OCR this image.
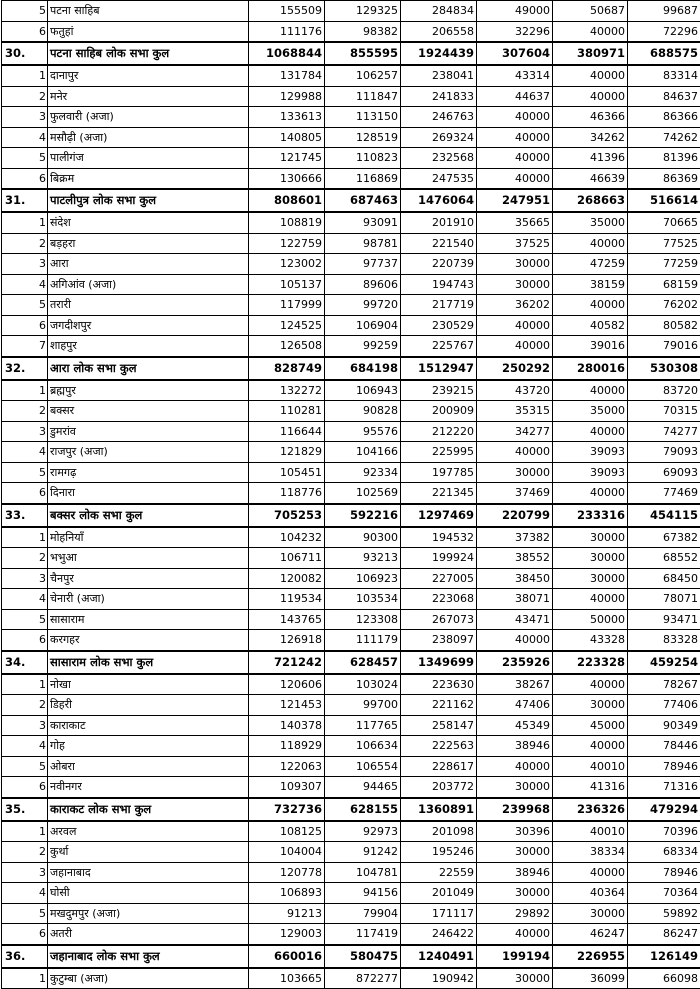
5	पटना साहिब	155509	129325	284834	49000	50687	99687
6	फतुहां	111176	98382	206558	32296	40000	72296
30.	पटना साहिब लोक सभा कुल	1068844	855595	1924439	307604	380971	688575
1	दानापुर	131784	106257	238041	43314	40000	83314
2	मनेर	129988	111847	241833	44637	40000	84637
3	फुलवारी (अजा)	133613	113150	246763	40000	46366	86366
4	मसौढ़ी (अजा)	140805	128519	269324	40000	34262	74262
5	पालीगंज	121745	110823	232568	40000	41396	81396
6	बिक्रम	130666	116869	247535	40000	46639	86369
31.	पाटलीपुत्र लोक सभा कुल	808601	687463	1476064	247951	268663	516614
1	संदेश	108819	93091	201910	35665	35000	70665
2	बड़हरा	122759	98781	221540	37525	40000	77525
3	आरा	123002	97737	220739	30000	47259	77259
4	अगिआंव (अजा)	105137	89606	194743	30000	38159	68159
5	तरारी	117999	99720	217719	36202	40000	76202
6	जगदीशपुर	124525	106904	230529	40000	40582	80582
7	शाहपुर	126508	99259	225767	40000	39016	79016
32.	आरा लोक सभा कुल	828749	684198	1512947	250292	280016	530308
1	ब्रह्मपुर	132272	106943	239215	43720	40000	83720
2	बक्सर	110281	90828	200909	35315	35000	70315
3	डुमरांव	116644	95576	212220	34277	40000	74277
4	राजपुर (अजा)	121829	104166	225995	40000	39093	79093
5	रामगढ़	105451	92334	197785	30000	39093	69093
6	दिनारा	118776	102569	221345	37469	40000	77469
33.	बक्सर लोक सभा कुल	705253	592216	1297469	220799	233316	454115
1	मोहनियाँ	104232	90300	194532	37382	30000	67382
2	भभुआ	106711	93213	199924	38552	30000	68552
3	चैनपुर	120082	106923	227005	38450	30000	68450
4	चेनारी (अजा)	119534	103534	223068	38071	40000	78071
5	सासाराम	143765	123308	267073	43471	50000	93471
6	करगहर	126918	111179	238097	40000	43328	83328
34.	सासाराम लोक सभा कुल	721242	628457	1349699	235926	223328	459254
1	नोखा	120606	103024	223630	38267	40000	78267
2	डिहरी	121453	99700	221162	47406	30000	77406
3	काराकाट	140378	117765	258147	45349	45000	90349
4	गोह	118929	106634	222563	38946	40000	78446
5	ओबरा	122063	106554	228617	40000	40010	78946
6	नवीनगर	109307	94465	203772	30000	41316	71316
35.	काराकट लोक सभा कुल	732736	628155	1360891	239968	236326	479294
1	अरवल	108125	92973	201098	30396	40010	70396
2	कुर्था	104004	91242	195246	30000	38334	68334
3	जहानाबाद	120778	104781	22559	38946	40000	78946
4	घोसी	106893	94156	201049	30000	40364	70364
5	मखदुमपुर (अजा)	91213	79904	171117	29892	30000	59892
6	अतरी	129003	117419	246422	40000	46247	86247
36.	जहानाबाद लोक सभा कुल	660016	580475	1240491	199194	226955	126149
1	कुटुम्बा (अजा)	103665	872277	190942	30000	36099	66098
